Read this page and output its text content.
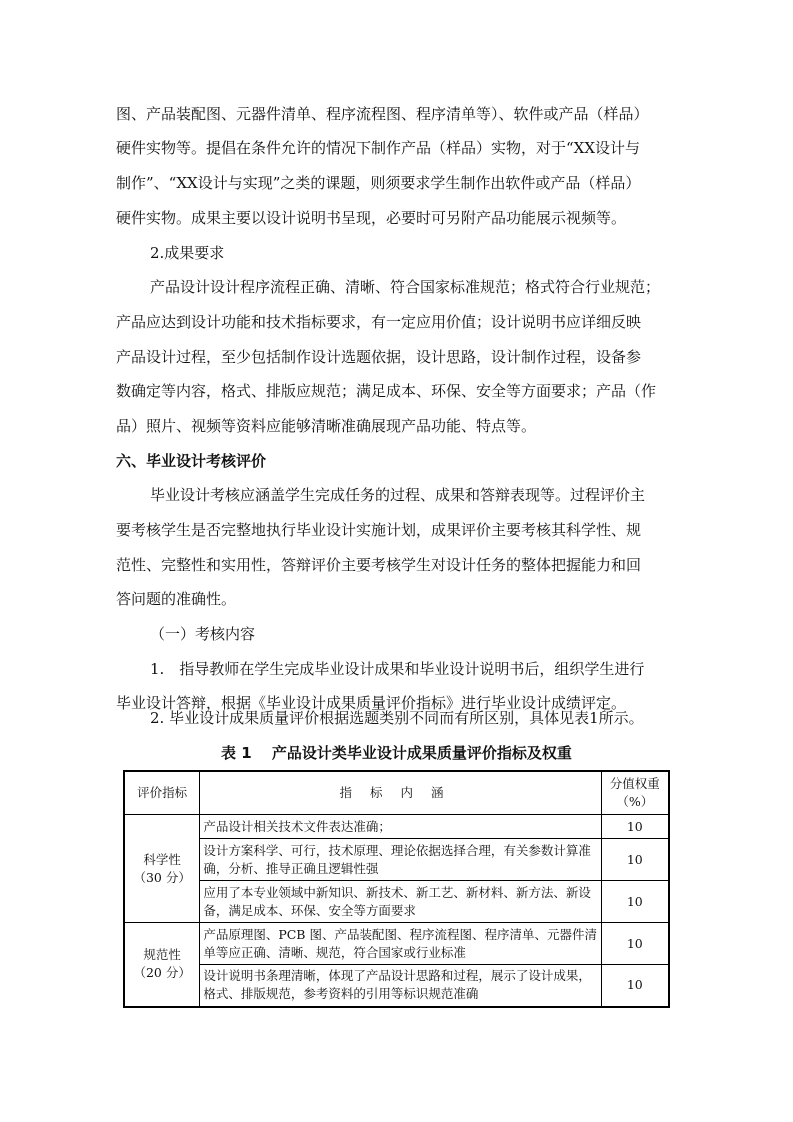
图、产品装配图、元器件清单、程序流程图、程序清单等）、软件或产品（样品）
硬件实物等。提倡在条件允许的情况下制作产品（样品）实物，对于“XX设计与
制作”、“XX设计与实现”之类的课题，则须要求学生制作出软件或产品（样品）
硬件实物。成果主要以设计说明书呈现，必要时可另附产品功能展示视频等。
2.成果要求
产品设计设计程序流程正确、清晰、符合国家标准规范；格式符合行业规范；
产品应达到设计功能和技术指标要求，有一定应用价值；设计说明书应详细反映
产品设计过程，至少包括制作设计选题依据，设计思路，设计制作过程，设备参
数确定等内容，格式、排版应规范；满足成本、环保、安全等方面要求；产品（作
品）照片、视频等资料应能够清晰准确展现产品功能、特点等。
六、毕业设计考核评价
毕业设计考核应涵盖学生完成任务的过程、成果和答辩表现等。过程评价主
要考核学生是否完整地执行毕业设计实施计划，成果评价主要考核其科学性、规
范性、完整性和实用性，答辩评价主要考核学生对设计任务的整体把握能力和回
答问题的准确性。
（一）考核内容
1.　指导教师在学生完成毕业设计成果和毕业设计说明书后，组织学生进行
毕业设计答辩，根据《毕业设计成果质量评价指标》进行毕业设计成绩评定。
2. 毕业设计成果质量评价根据选题类别不同而有所区别，具体见表1所示。
表 1　 产品设计类毕业设计成果质量评价指标及权重
评价指标	指标内涵	分值权重
（%）

科学性
（30 分）	产品设计相关技术文件表达准确；	10
	设计方案科学、可行，技术原理、理论依据选择合理，有关参数计算准确，分析、推导正确且逻辑性强	10
	应用了本专业领域中新知识、新技术、新工艺、新材料、新方法、新设备，满足成本、环保、安全等方面要求	10

规范性
（20 分）	产品原理图、PCB 图、产品装配图、程序流程图、程序清单、元器件清单等应正确、清晰、规范，符合国家或行业标准	10
	设计说明书条理清晰，体现了产品设计思路和过程，展示了设计成果，格式、排版规范，参考资料的引用等标识规范准确	10
